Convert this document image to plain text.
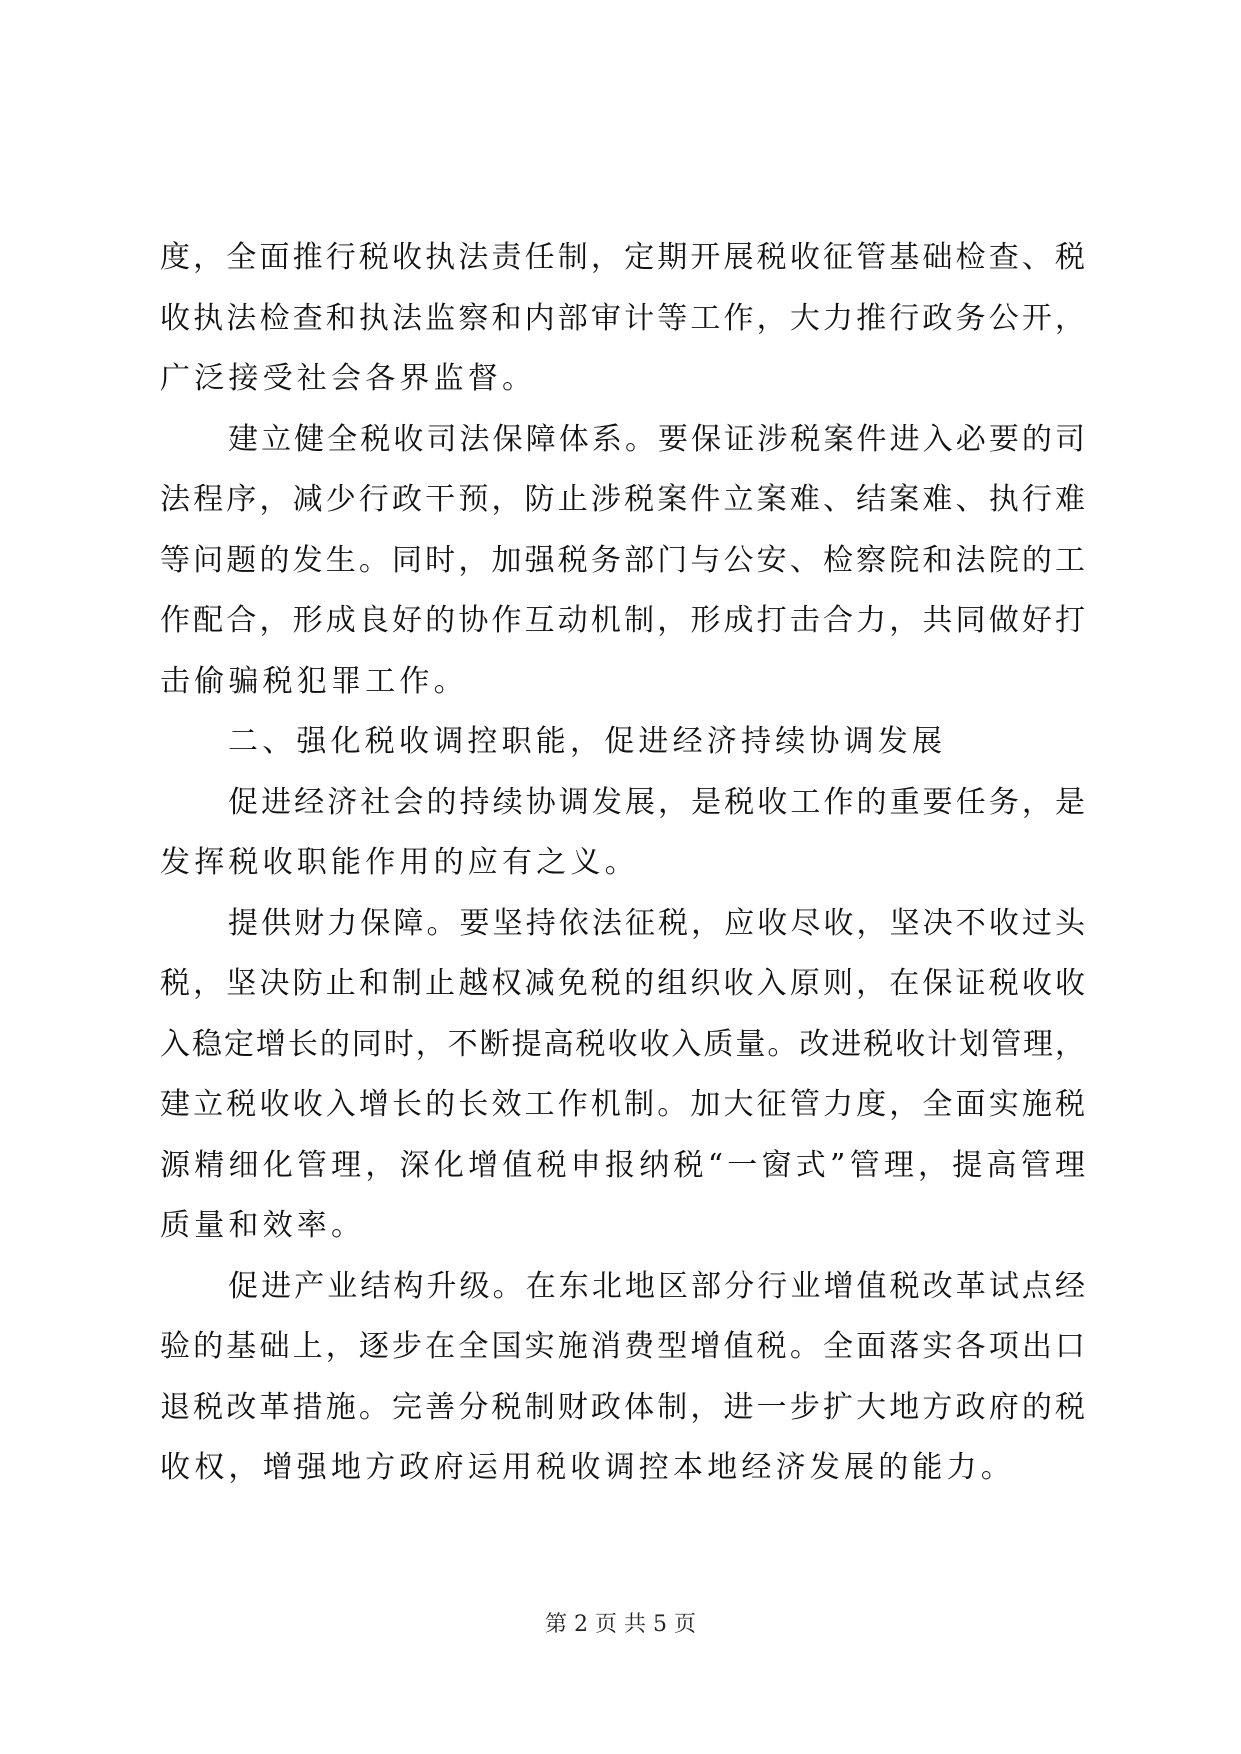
度，全面推行税收执法责任制，定期开展税收征管基础检查、税
收执法检查和执法监察和内部审计等工作，大力推行政务公开，
广泛接受社会各界监督。
建立健全税收司法保障体系。要保证涉税案件进入必要的司
法程序，减少行政干预，防止涉税案件立案难、结案难、执行难
等问题的发生。同时，加强税务部门与公安、检察院和法院的工
作配合，形成良好的协作互动机制，形成打击合力，共同做好打
击偷骗税犯罪工作。
二、强化税收调控职能，促进经济持续协调发展
促进经济社会的持续协调发展，是税收工作的重要任务，是
发挥税收职能作用的应有之义。
提供财力保障。要坚持依法征税，应收尽收，坚决不收过头
税，坚决防止和制止越权减免税的组织收入原则，在保证税收收
入稳定增长的同时，不断提高税收收入质量。改进税收计划管理，
建立税收收入增长的长效工作机制。加大征管力度，全面实施税
源精细化管理，深化增值税申报纳税“一窗式”管理，提高管理
质量和效率。
促进产业结构升级。在东北地区部分行业增值税改革试点经
验的基础上，逐步在全国实施消费型增值税。全面落实各项出口
退税改革措施。完善分税制财政体制，进一步扩大地方政府的税
收权，增强地方政府运用税收调控本地经济发展的能力。
第 2 页 共 5 页
